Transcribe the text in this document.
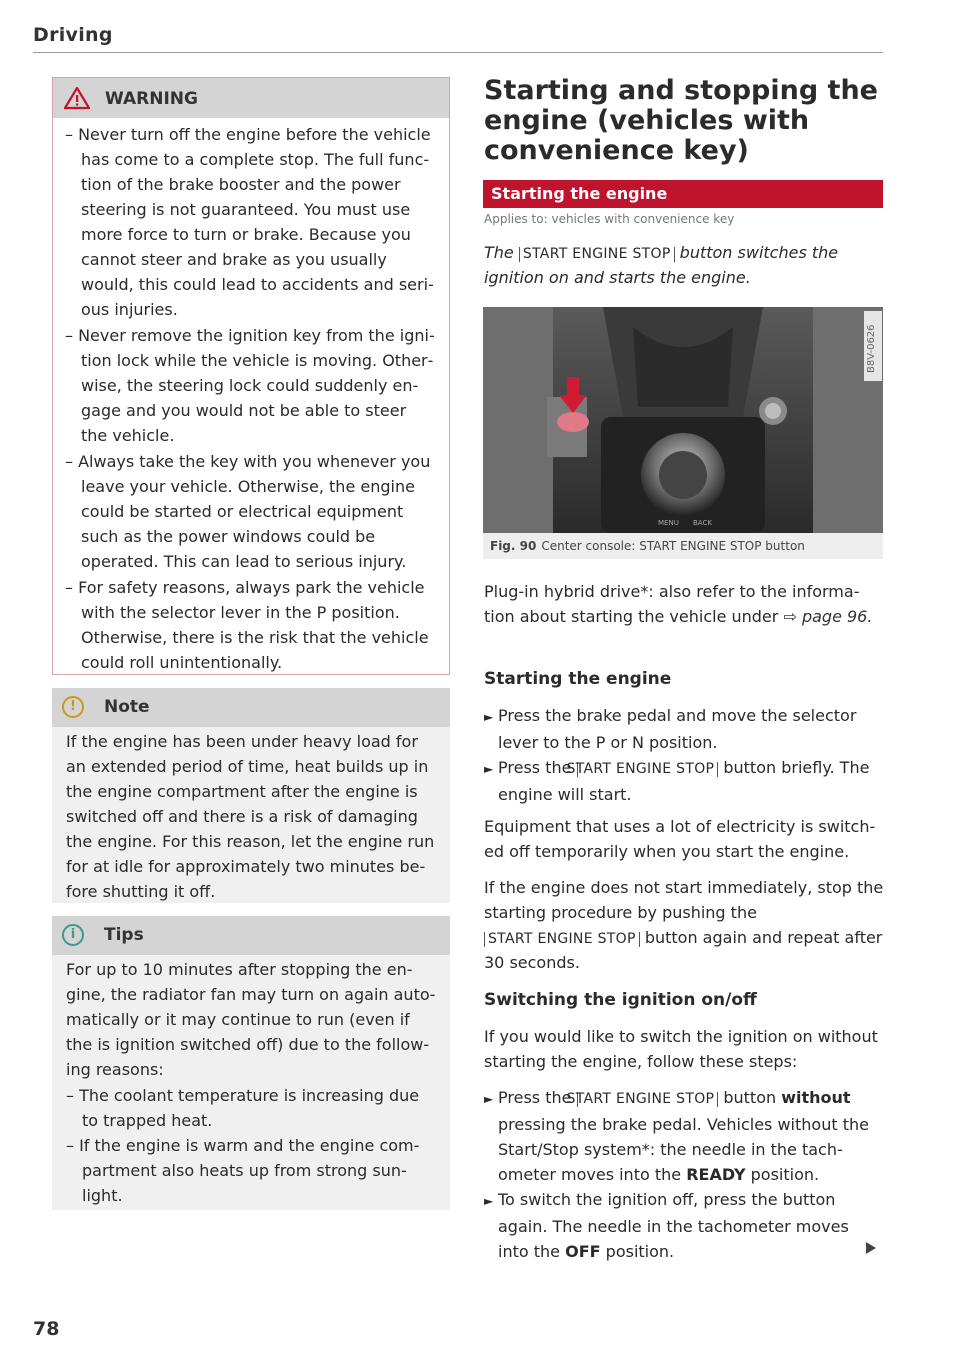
Driving
WARNING
– Never turn off the engine before the vehicle has come to a complete stop. The full function of the brake booster and the power steering is not guaranteed. You must use more force to turn or brake. Because you cannot steer and brake as you usually would, this could lead to accidents and serious injuries.
– Never remove the ignition key from the ignition lock while the vehicle is moving. Otherwise, the steering lock could suddenly engage and you would not be able to steer the vehicle.
– Always take the key with you whenever you leave your vehicle. Otherwise, the engine could be started or electrical equipment such as the power windows could be operated. This can lead to serious injury.
– For safety reasons, always park the vehicle with the selector lever in the P position. Otherwise, there is the risk that the vehicle could roll unintentionally.
!	Note

If the engine has been under heavy load for an extended period of time, heat builds up in the engine compartment after the engine is switched off and there is a risk of damaging the engine. For this reason, let the engine run for at idle for approximately two minutes before shutting it off.

i	Tips

For up to 10 minutes after stopping the engine, the radiator fan may turn on again automatically or it may continue to run (even if the is ignition switched off) due to the following reasons:

– The coolant temperature is increasing due to trapped heat.
– If the engine is warm and the engine compartment also heats up from strong sunlight.
78
Starting and stopping the engine (vehicles with convenience key)
Starting the engine
Applies to: vehicles with convenience key
The START ENGINE STOP button switches the ignition on and starts the engine.
MENU BACK
B8V-0626
Fig. 90 Center console: START ENGINE STOP button
Plug-in hybrid drive*: also refer to the information about starting the vehicle under ⇨ page 96.
Starting the engine
► Press the brake pedal and move the selector lever to the P or N position.
► Press the START ENGINE STOP button briefly. The engine will start.

Equipment that uses a lot of electricity is switched off temporarily when you start the engine.

If the engine does not start immediately, stop the starting procedure by pushing the START ENGINE STOP button again and repeat after 30 seconds.
Switching the ignition on/off

If you would like to switch the ignition on without starting the engine, follow these steps:

► Press the START ENGINE STOP button without pressing the brake pedal. Vehicles without the Start/Stop system*: the needle in the tachometer moves into the READY position.
► To switch the ignition off, press the button again. The needle in the tachometer moves into the OFF position.
